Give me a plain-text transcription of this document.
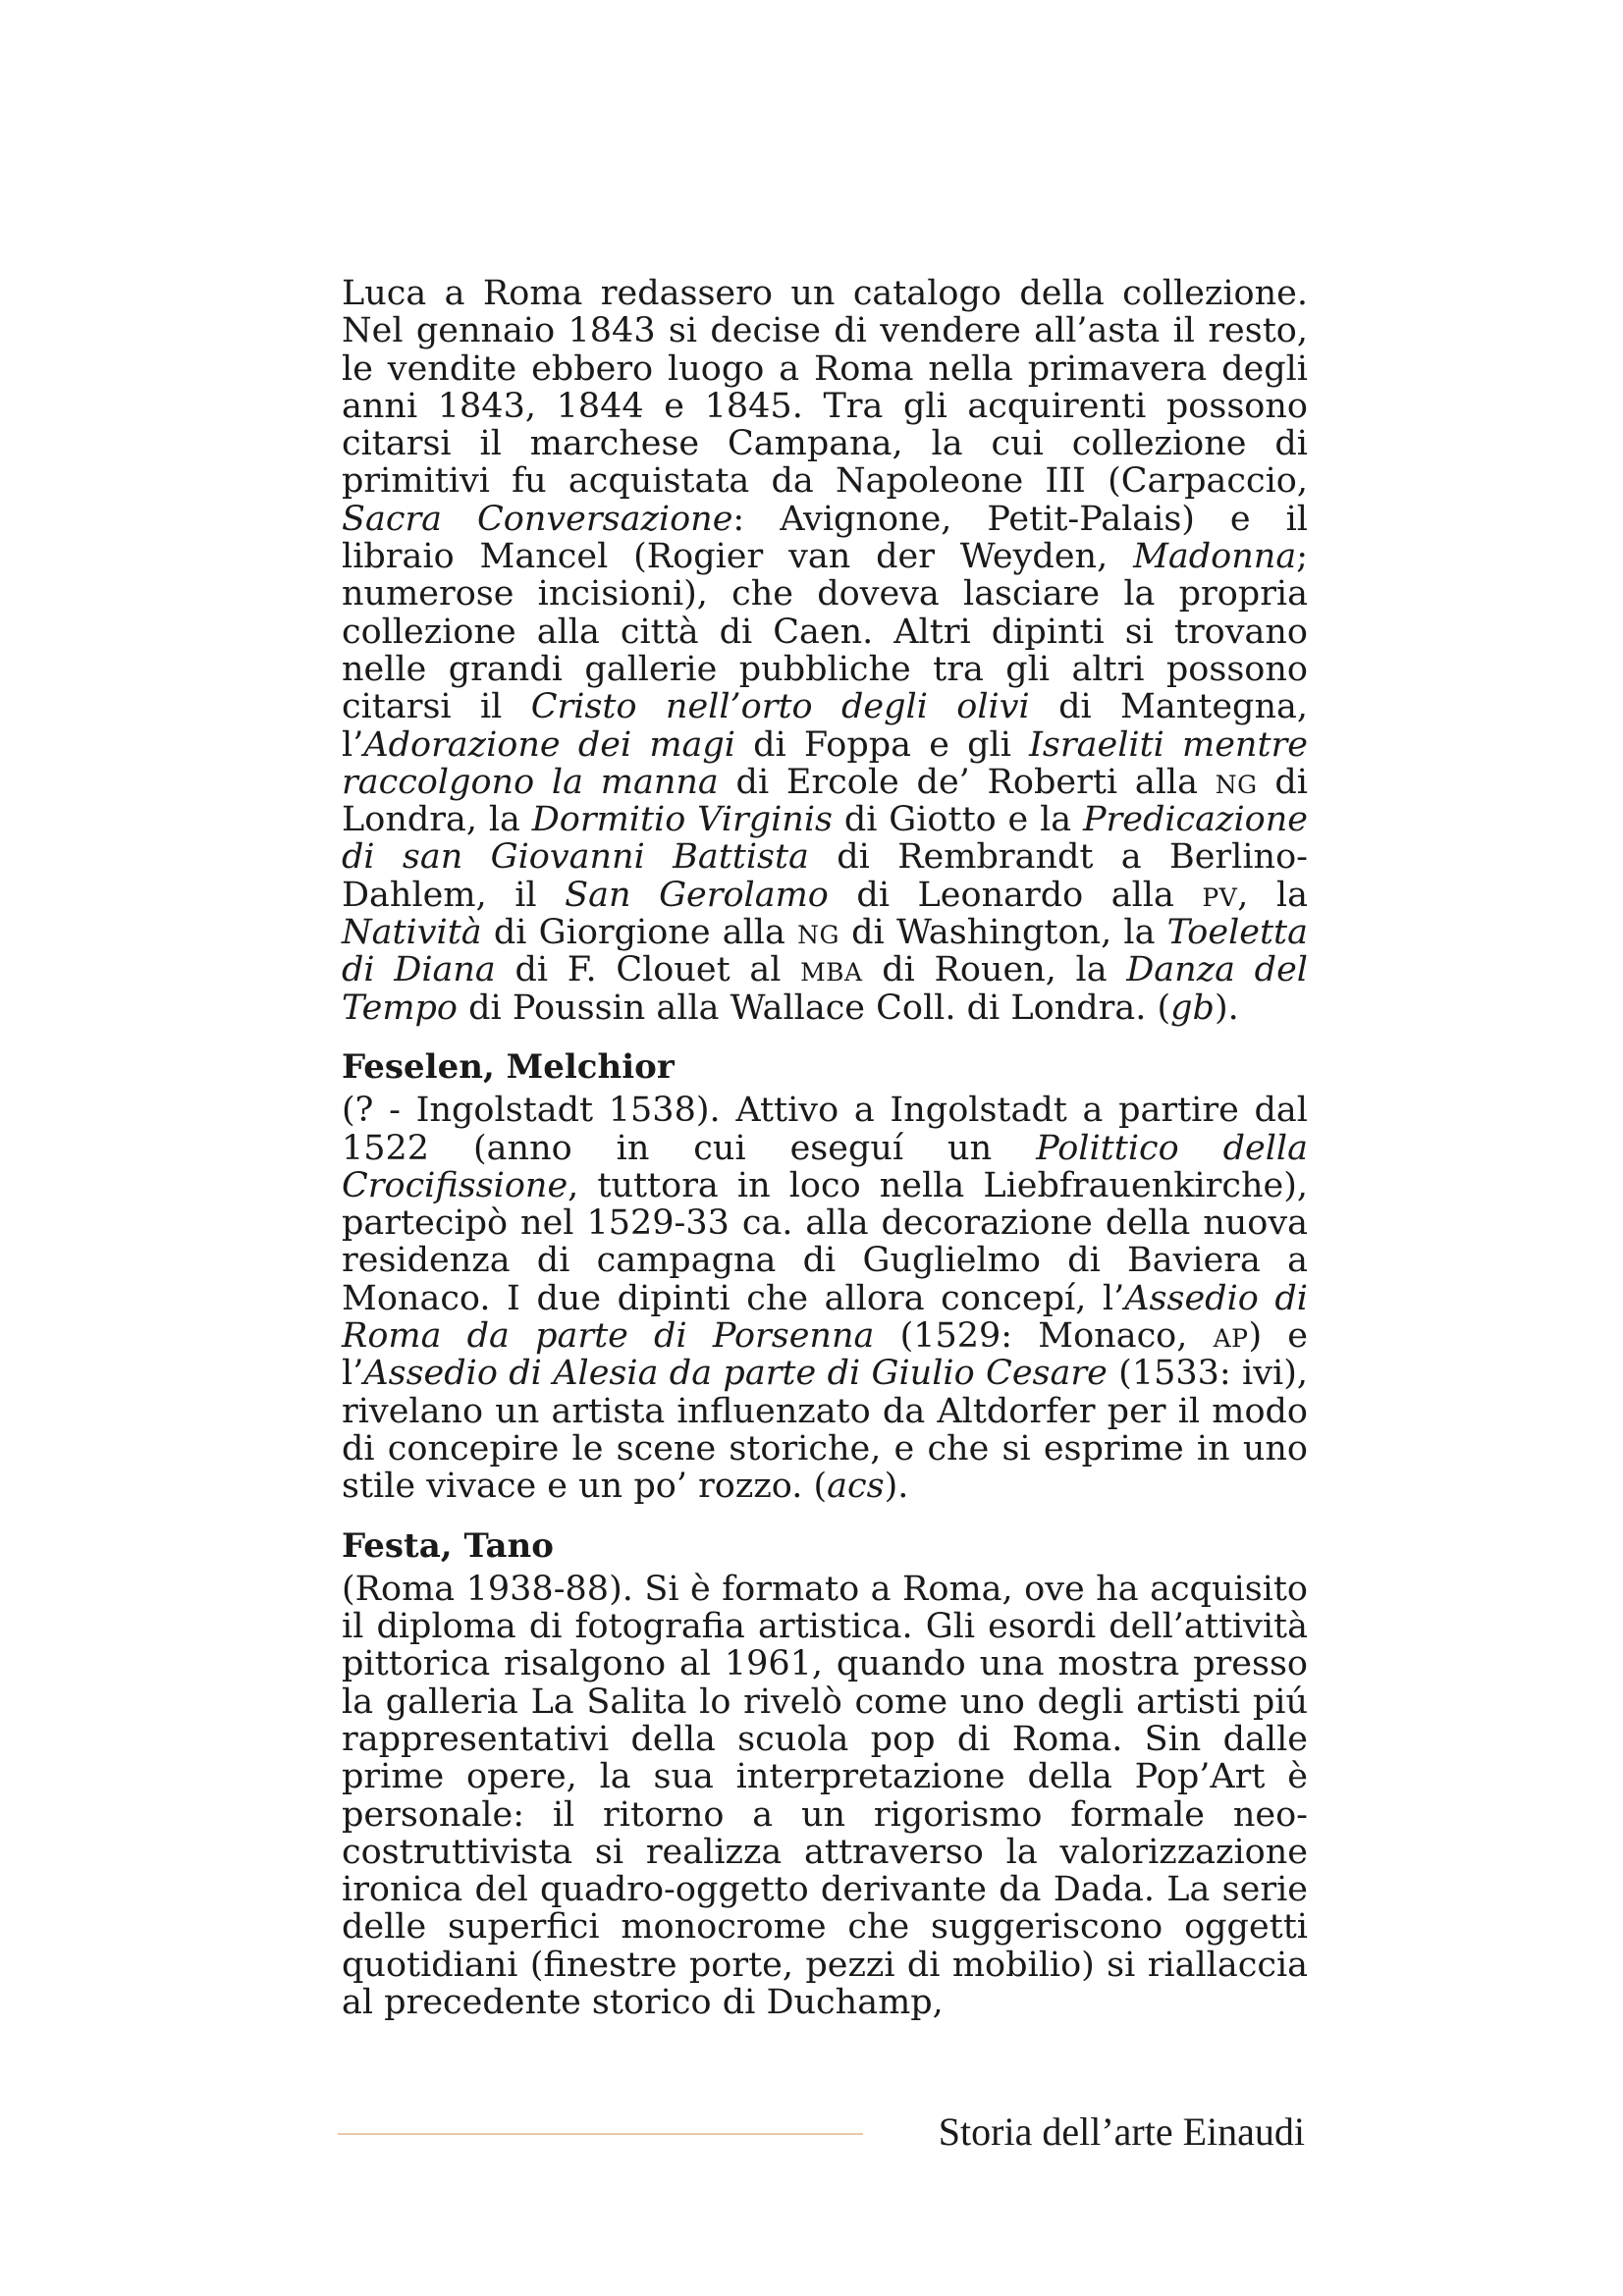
Luca a Roma redassero un catalogo della collezione. Nel gennaio 1843 si decise di vendere all’asta il resto, le vendite ebbero luogo a Roma nella primavera degli anni 1843, 1844 e 1845. Tra gli acquirenti possono citarsi il marchese Campana, la cui collezione di primitivi fu acquistata da Napoleone III (Carpaccio, Sacra Conversazione: Avignone, Petit-Palais) e il libraio Mancel (Rogier van der Weyden, Madonna; numerose incisioni), che doveva lasciare la propria collezione alla città di Caen. Altri dipinti si trovano nelle grandi gallerie pubbliche tra gli altri possono citarsi il Cristo nell’orto degli olivi di Mantegna, l’Adorazione dei magi di Foppa e gli Israeliti mentre raccolgono la manna di Ercole de’ Roberti alla ng di Londra, la Dormitio Virginis di Giotto e la Predicazione di san Giovanni Battista di Rembrandt a Berlino-Dahlem, il San Gerolamo di Leonardo alla pv, la Natività di Giorgione alla ng di Washington, la Toeletta di Diana di F. Clouet al mba di Rouen, la Danza del Tempo di Poussin alla Wallace Coll. di Londra. (gb).

Feselen, Melchior

(? - Ingolstadt 1538). Attivo a Ingolstadt a partire dal 1522 (anno in cui eseguí un Polittico della Crocifissione, tuttora in loco nella Liebfrauenkirche), partecipò nel 1529-33 ca. alla decorazione della nuova residenza di campagna di Guglielmo di Baviera a Monaco. I due dipinti che allora concepí, l’Assedio di Roma da parte di Porsenna (1529: Monaco, ap) e l’Assedio di Alesia da parte di Giulio Cesare (1533: ivi), rivelano un artista influenzato da Altdorfer per il modo di concepire le scene storiche, e che si esprime in uno stile vivace e un po’ rozzo. (acs).

Festa, Tano

(Roma 1938-88). Si è formato a Roma, ove ha acquisito il diploma di fotografia artistica. Gli esordi dell’attività pittorica risalgono al 1961, quando una mostra presso la galleria La Salita lo rivelò come uno degli artisti piú rappresentativi della scuola pop di Roma. Sin dalle prime opere, la sua interpretazione della Pop’Art è personale: il ritorno a un rigorismo formale neo-costruttivista si realizza attraverso la valorizzazione ironica del quadro-oggetto derivante da Dada. La serie delle superfici monocrome che suggeriscono oggetti quotidiani (finestre porte, pezzi di mobilio) si riallaccia al precedente storico di Duchamp,

Storia dell’arte Einaudi
